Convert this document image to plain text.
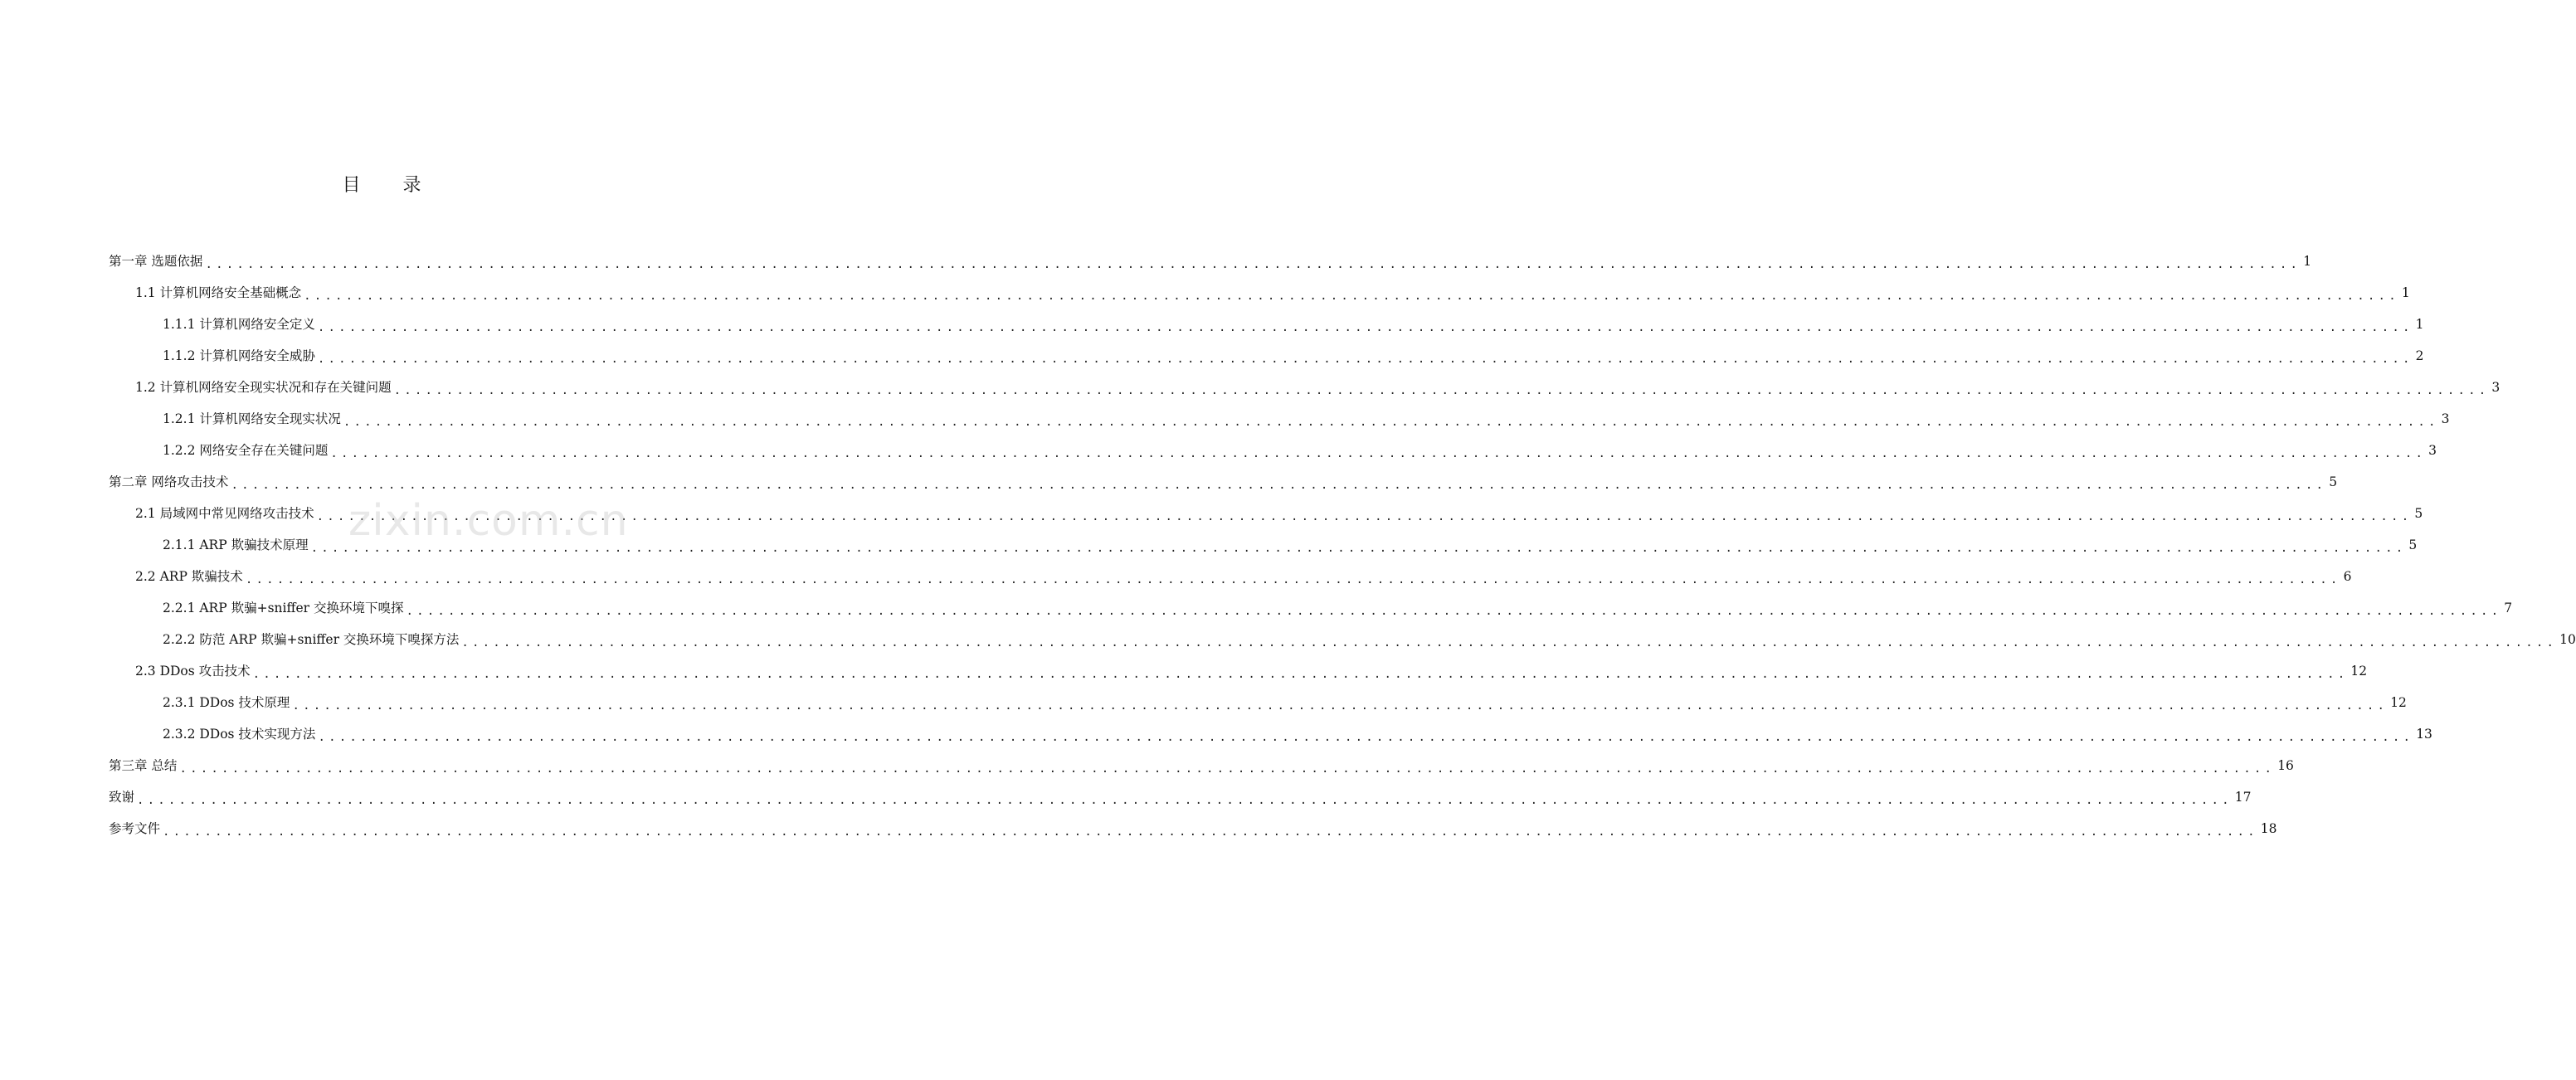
目 录
第一章 选题依据 ........................................................................................................................................................................................................ 1
1.1 计算机网络安全基础概念 ........................................................................................................................................................................................................ 1
1.1.1 计算机网络安全定义 ........................................................................................................................................................................................................ 1
1.1.2 计算机网络安全威胁 ........................................................................................................................................................................................................ 2
1.2 计算机网络安全现实状况和存在关键问题 ........................................................................................................................................................................................................ 3
1.2.1 计算机网络安全现实状况 ........................................................................................................................................................................................................ 3
1.2.2 网络安全存在关键问题 ........................................................................................................................................................................................................ 3
第二章 网络攻击技术 ........................................................................................................................................................................................................ 5
2.1 局域网中常见网络攻击技术 ........................................................................................................................................................................................................ 5
2.1.1 ARP 欺骗技术原理 ........................................................................................................................................................................................................ 5
2.2 ARP 欺骗技术 ........................................................................................................................................................................................................ 6
2.2.1 ARP 欺骗+sniffer 交换环境下嗅探 ........................................................................................................................................................................................................ 7
2.2.2 防范 ARP 欺骗+sniffer 交换环境下嗅探方法 ........................................................................................................................................................................................................ 10
2.3 DDos 攻击技术 ........................................................................................................................................................................................................ 12
2.3.1 DDos 技术原理 ........................................................................................................................................................................................................ 12
2.3.2 DDos 技术实现方法 ........................................................................................................................................................................................................ 13
第三章 总结 ........................................................................................................................................................................................................ 16
致谢 ........................................................................................................................................................................................................ 17
参考文件 ........................................................................................................................................................................................................ 18
zixin.com.cn
